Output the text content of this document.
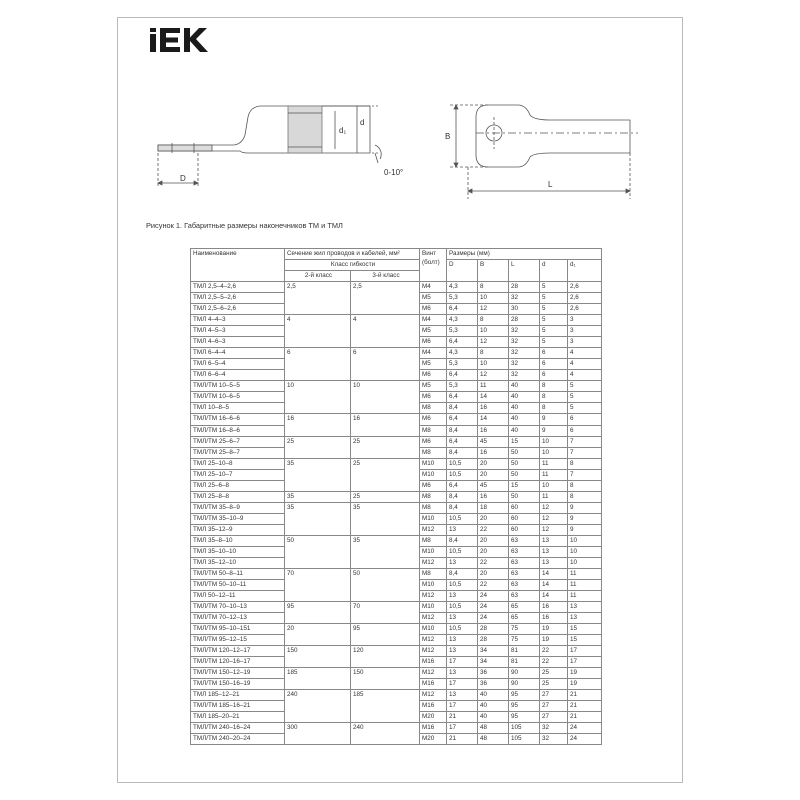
D
d₁
d
0-10°
B
L
Рисунок 1. Габаритные размеры наконечников ТМ и ТМЛ
Наименование	Сечение жил проводов и кабелей, мм²		Винт
(болт)	Размеры (мм)				
	Класс гибкости			D	B	L	d	d₁
	2-й класс	3-й класс						
ТМЛ 2,5–4–2,6	2,5	2,5	M4	4,3	8	28	5	2,6
ТМЛ 2,5–5–2,6			M5	5,3	10	32	5	2,6
ТМЛ 2,5–6–2,6			M6	6,4	12	30	5	2,6
ТМЛ 4–4–3	4	4	M4	4,3	8	28	5	3
ТМЛ 4–5–3			M5	5,3	10	32	5	3
ТМЛ 4–6–3			M6	6,4	12	32	5	3
ТМЛ 6–4–4	6	6	M4	4,3	8	32	6	4
ТМЛ 6–5–4			M5	5,3	10	32	6	4
ТМЛ 6–6–4			M6	6,4	12	32	6	4
ТМЛ/ТМ 10–5–5	10	10	M5	5,3	11	40	8	5
ТМЛ/ТМ 10–6–5			M6	6,4	14	40	8	5
ТМЛ 10–8–5			M8	8,4	16	40	8	5
ТМЛ/ТМ 16–6–6	16	16	M6	6,4	14	40	9	6
ТМЛ/ТМ 16–8–6			M8	8,4	16	40	9	6
ТМЛ/ТМ 25–6–7	25	25	M6	6,4	45	15	10	7
ТМЛ/ТМ 25–8–7			M8	8,4	16	50	10	7
ТМЛ 25–10–8	35	25	M10	10,5	20	50	11	8
ТМЛ 25–10–7			M10	10,5	20	50	11	7
ТМЛ 25–6–8			M6	6,4	45	15	10	8
ТМЛ 25–8–8	35	25	M8	8,4	16	50	11	8
ТМЛ/ТМ 35–8–9	35	35	M8	8,4	18	60	12	9
ТМЛ/ТМ 35–10–9			M10	10,5	20	60	12	9
ТМЛ 35–12–9			M12	13	22	60	12	9
ТМЛ 35–8–10	50	35	M8	8,4	20	63	13	10
ТМЛ 35–10–10			M10	10,5	20	63	13	10
ТМЛ 35–12–10			M12	13	22	63	13	10
ТМЛ/ТМ 50–8–11	70	50	M8	8,4	20	63	14	11
ТМЛ/ТМ 50–10–11			M10	10,5	22	63	14	11
ТМЛ 50–12–11			M12	13	24	63	14	11
ТМЛ/ТМ 70–10–13	95	70	M10	10,5	24	65	16	13
ТМЛ/ТМ 70–12–13			M12	13	24	65	16	13
ТМЛ/ТМ 95–10–151	20	95	M10	10,5	28	75	19	15
ТМЛ/ТМ 95–12–15			M12	13	28	75	19	15
ТМЛ/ТМ 120–12–17	150	120	M12	13	34	81	22	17
ТМЛ/ТМ 120–16–17			M16	17	34	81	22	17
ТМЛ/ТМ 150–12–19	185	150	M12	13	36	90	25	19
ТМЛ/ТМ 150–16–19			M16	17	36	90	25	19
ТМЛ 185–12–21	240	185	M12	13	40	95	27	21
ТМЛ/ТМ 185–16–21			M16	17	40	95	27	21
ТМЛ 185–20–21			M20	21	40	95	27	21
ТМЛ/ТМ 240–16–24	300	240	M16	17	48	105	32	24
ТМЛ/ТМ 240–20–24			M20	21	48	105	32	24
